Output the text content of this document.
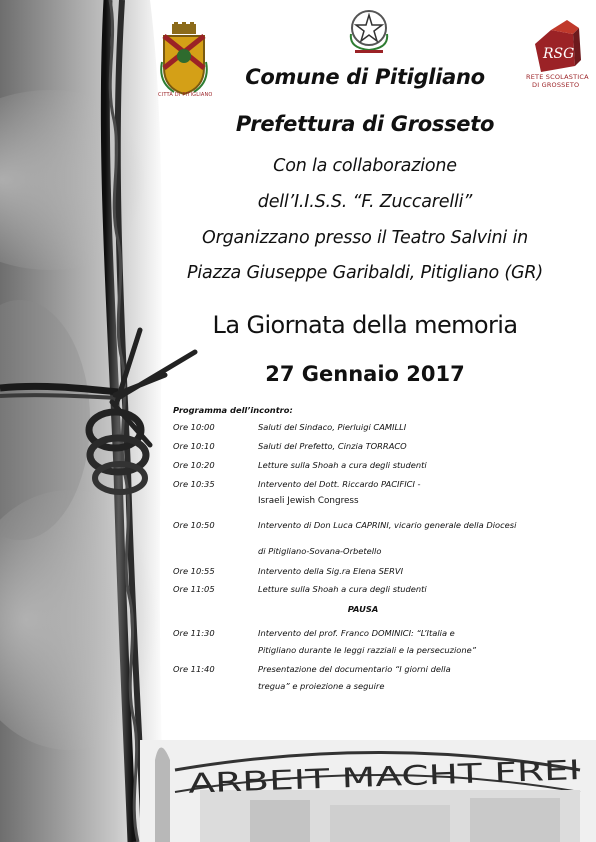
ARBEIT MACHT FREI
CITTÀ DI PITIGLIANO
RSG
RETE SCOLASTICA
DI GROSSETO
Comune di Pitigliano
Prefettura di Grosseto
Con la collaborazione
dell’I.I.S.S. “F. Zuccarelli”
Organizzano presso il Teatro Salvini in
Piazza Giuseppe Garibaldi, Pitigliano (GR)
La Giornata della memoria
27 Gennaio 2017
Programma dell’incontro:
Ore 10:00	Saluti del Sindaco, Pierluigi CAMILLI
Ore 10:10	Saluti del Prefetto, Cinzia TORRACO
Ore 10:20	Letture sulla Shoah a cura degli studenti
Ore 10:35	Intervento del Dott. Riccardo PACIFICI -
Israeli Jewish Congress
Ore 10:50	Intervento di Don Luca CAPRINI, vicario generale della Diocesi
di Pitigliano-Sovana-Orbetello
Ore 10:55	Intervento della Sig.ra Elena SERVI
Ore 11:05	Letture sulla Shoah a cura degli studenti
PAUSA
Ore 11:30	Intervento del prof. Franco DOMINICI: “L’Italia e
Pitigliano durante le leggi razziali e la persecuzione”
Ore 11:40	Presentazione del documentario “I giorni della
tregua” e proiezione a seguire
